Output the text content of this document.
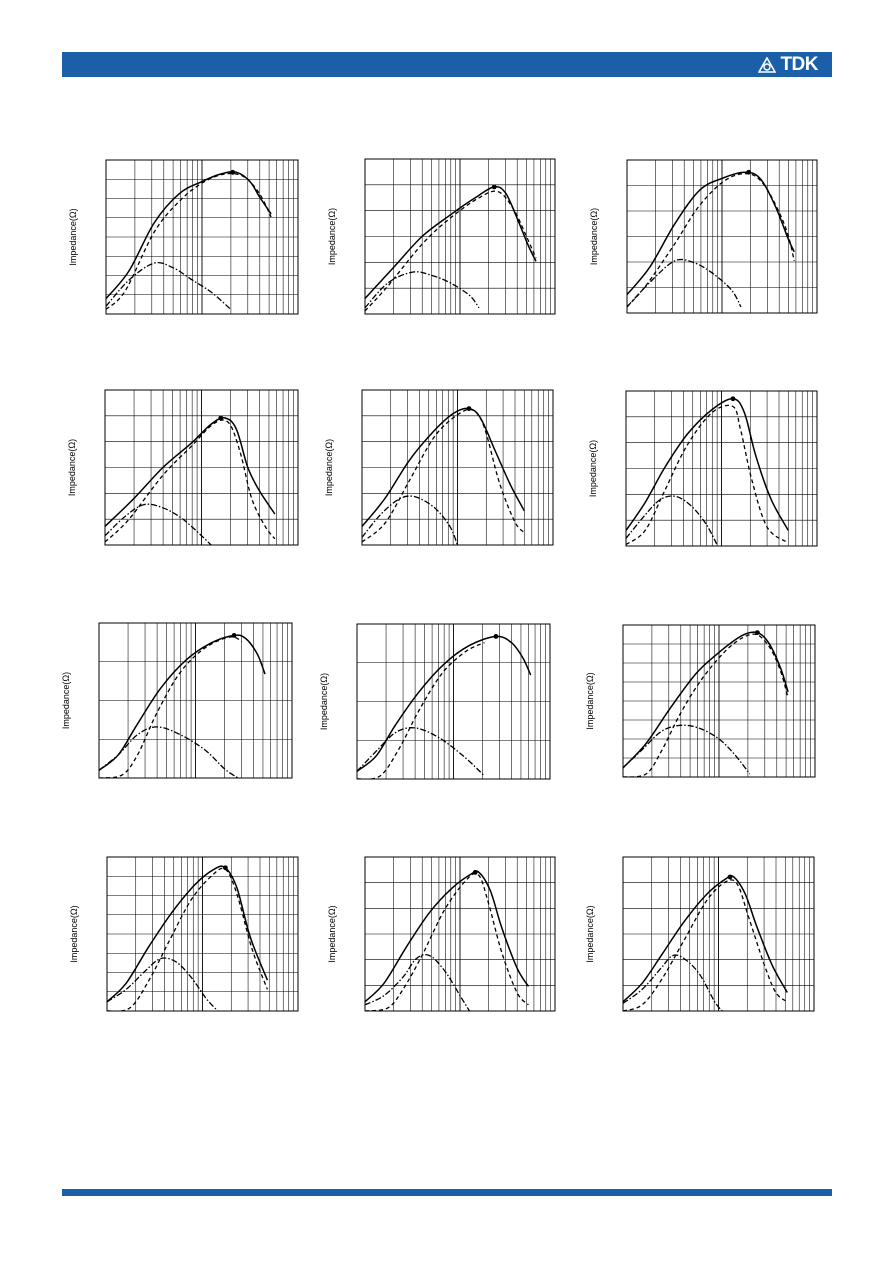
TDK
Impedance(Ω)	Impedance(Ω)	Impedance(Ω)
Impedance(Ω)	Impedance(Ω)	Impedance(Ω)
Impedance(Ω)	Impedance(Ω)	Impedance(Ω)
Impedance(Ω)	Impedance(Ω)	Impedance(Ω)
